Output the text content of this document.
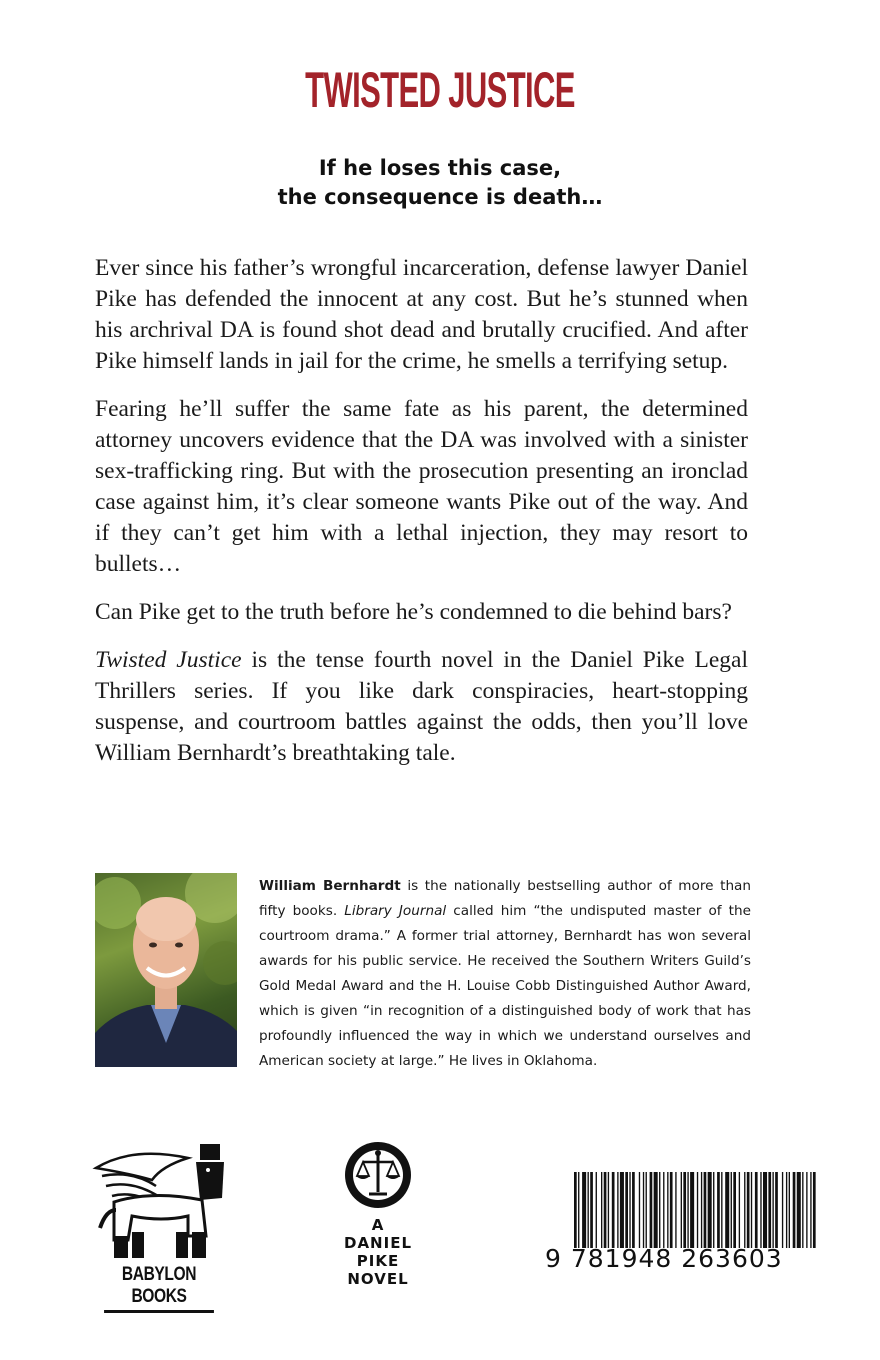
TWISTED JUSTICE
If he loses this case,
the consequence is death…

Ever since his father’s wrongful incarceration, defense lawyer Daniel Pike has defended the innocent at any cost. But he’s stunned when his archrival DA is found shot dead and brutally crucified. And after Pike himself lands in jail for the crime, he smells a terrifying setup.

Fearing he’ll suffer the same fate as his parent, the determined attorney uncovers evidence that the DA was involved with a sinister sex-trafficking ring. But with the prosecution presenting an ironclad case against him, it’s clear someone wants Pike out of the way. And if they can’t get him with a lethal injection, they may resort to bullets…

Can Pike get to the truth before he’s condemned to die behind bars?

Twisted Justice is the tense fourth novel in the Daniel Pike Legal Thrillers series. If you like dark conspiracies, heart-stopping suspense, and courtroom battles against the odds, then you’ll love William Bernhardt’s breathtaking tale.

William Bernhardt is the nationally bestselling author of more than fifty books. Library Journal called him “the undisputed master of the courtroom drama.” A former trial attorney, Bernhardt has won several awards for his public service. He received the Southern Writers Guild’s Gold Medal Award and the H. Louise Cobb Distinguished Author Award, which is given “in recognition of a distinguished body of work that has profoundly influenced the way in which we understand ourselves and American society at large.” He lives in Oklahoma.
BABYLON BOOKS
A
DANIEL
PIKE
NOVEL
9 781948 263603
